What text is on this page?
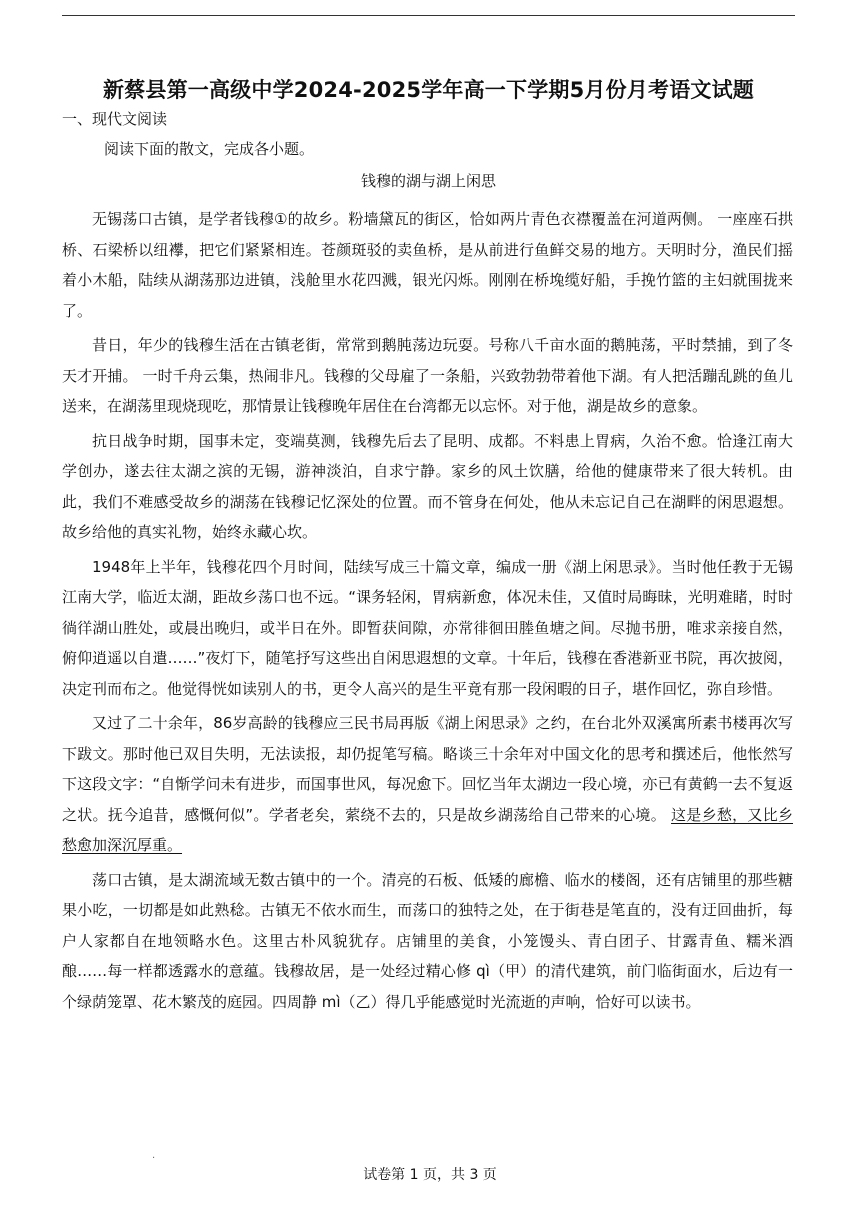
新蔡县第一高级中学2024-2025学年高一下学期5月份月考语文试题
一、现代文阅读
阅读下面的散文，完成各小题。
钱穆的湖与湖上闲思

无锡荡口古镇，是学者钱穆①的故乡。粉墙黛瓦的街区，恰如两片青色衣襟覆盖在河道两侧。 一座座石拱桥、石梁桥以纽襻，把它们紧紧相连。苍颜斑驳的卖鱼桥，是从前进行鱼鲜交易的地方。天明时分，渔民们摇着小木船，陆续从湖荡那边进镇，浅舱里水花四溅，银光闪烁。刚刚在桥堍缆好船，手挽竹篮的主妇就围拢来了。

昔日，年少的钱穆生活在古镇老街，常常到鹅肫荡边玩耍。号称八千亩水面的鹅肫荡，平时禁捕，到了冬天才开捕。 一时千舟云集，热闹非凡。钱穆的父母雇了一条船，兴致勃勃带着他下湖。有人把活蹦乱跳的鱼儿送来，在湖荡里现烧现吃，那情景让钱穆晚年居住在台湾都无以忘怀。对于他，湖是故乡的意象。

抗日战争时期，国事未定，变端莫测，钱穆先后去了昆明、成都。不料患上胃病，久治不愈。恰逢江南大学创办，遂去往太湖之滨的无锡，游神淡泊，自求宁静。家乡的风土饮膳，给他的健康带来了很大转机。由此，我们不难感受故乡的湖荡在钱穆记忆深处的位置。而不管身在何处，他从未忘记自己在湖畔的闲思遐想。故乡给他的真实礼物，始终永藏心坎。

1948年上半年，钱穆花四个月时间，陆续写成三十篇文章，编成一册《湖上闲思录》。当时他任教于无锡江南大学，临近太湖，距故乡荡口也不远。“课务轻闲，胃病新愈，体况未佳，又值时局晦昧，光明难睹，时时徜徉湖山胜处，或晨出晚归，或半日在外。即暂获间隙，亦常徘徊田塍鱼塘之间。尽抛书册，唯求亲接自然，俯仰逍遥以自遣……”夜灯下，随笔抒写这些出自闲思遐想的文章。十年后，钱穆在香港新亚书院，再次披阅，决定刊而布之。他觉得恍如读别人的书，更令人高兴的是生平竟有那一段闲暇的日子，堪作回忆，弥自珍惜。

又过了二十余年，86岁高龄的钱穆应三民书局再版《湖上闲思录》之约，在台北外双溪寓所素书楼再次写下跋文。那时他已双目失明，无法读报，却仍捉笔写稿。略谈三十余年对中国文化的思考和撰述后，他怅然写下这段文字：“自惭学问未有进步，而国事世风，每况愈下。回忆当年太湖边一段心境，亦已有黄鹤一去不复返之状。抚今追昔，感慨何似”。学者老矣，萦绕不去的，只是故乡湖荡给自己带来的心境。 这是乡愁，又比乡愁愈加深沉厚重。

荡口古镇，是太湖流域无数古镇中的一个。清亮的石板、低矮的廊檐、临水的楼阁，还有店铺里的那些糖果小吃，一切都是如此熟稔。古镇无不依水而生，而荡口的独特之处，在于街巷是笔直的，没有迂回曲折，每户人家都自在地领略水色。这里古朴风貌犹存。店铺里的美食，小笼馒头、青白团子、甘露青鱼、糯米酒酿……每一样都透露水的意蕴。钱穆故居，是一处经过精心修 qì（甲）的清代建筑，前门临街面水，后边有一个绿荫笼罩、花木繁茂的庭园。四周静 mì（乙）得几乎能感觉时光流逝的声响，恰好可以读书。

.
试卷第 1 页，共 3 页
